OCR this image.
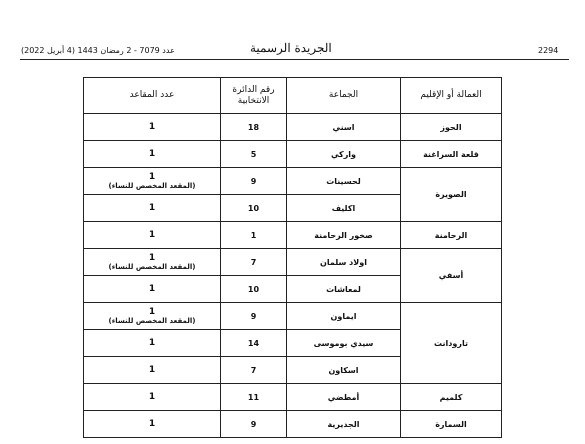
2294
الجريدة الرسمية
عدد 7079 - 2 رمضان 1443 (4 أبريل 2022)
العمالة أو الإقليم	الجماعة	رقم الدائرة الانتخابية	عدد المقاعد
الحوز	اسني	18	1

قلعة السراغنة	واركي	5	1

الصويرة	لحسينات	9	1
(المقعد المخصص للنساء)

	اكليف	10	1

الرحامنة	صخور الرحامنة	1	1

أسفي	اولاد سلمان	7	1
(المقعد المخصص للنساء)

	لمعاشات	10	1

تارودانت	ايماون	9	1
(المقعد المخصص للنساء)

	سيدي بوموسى	14	1

	اسكاون	7	1

كلميم	أمطضي	11	1

السمارة	الجديرية	9	1
